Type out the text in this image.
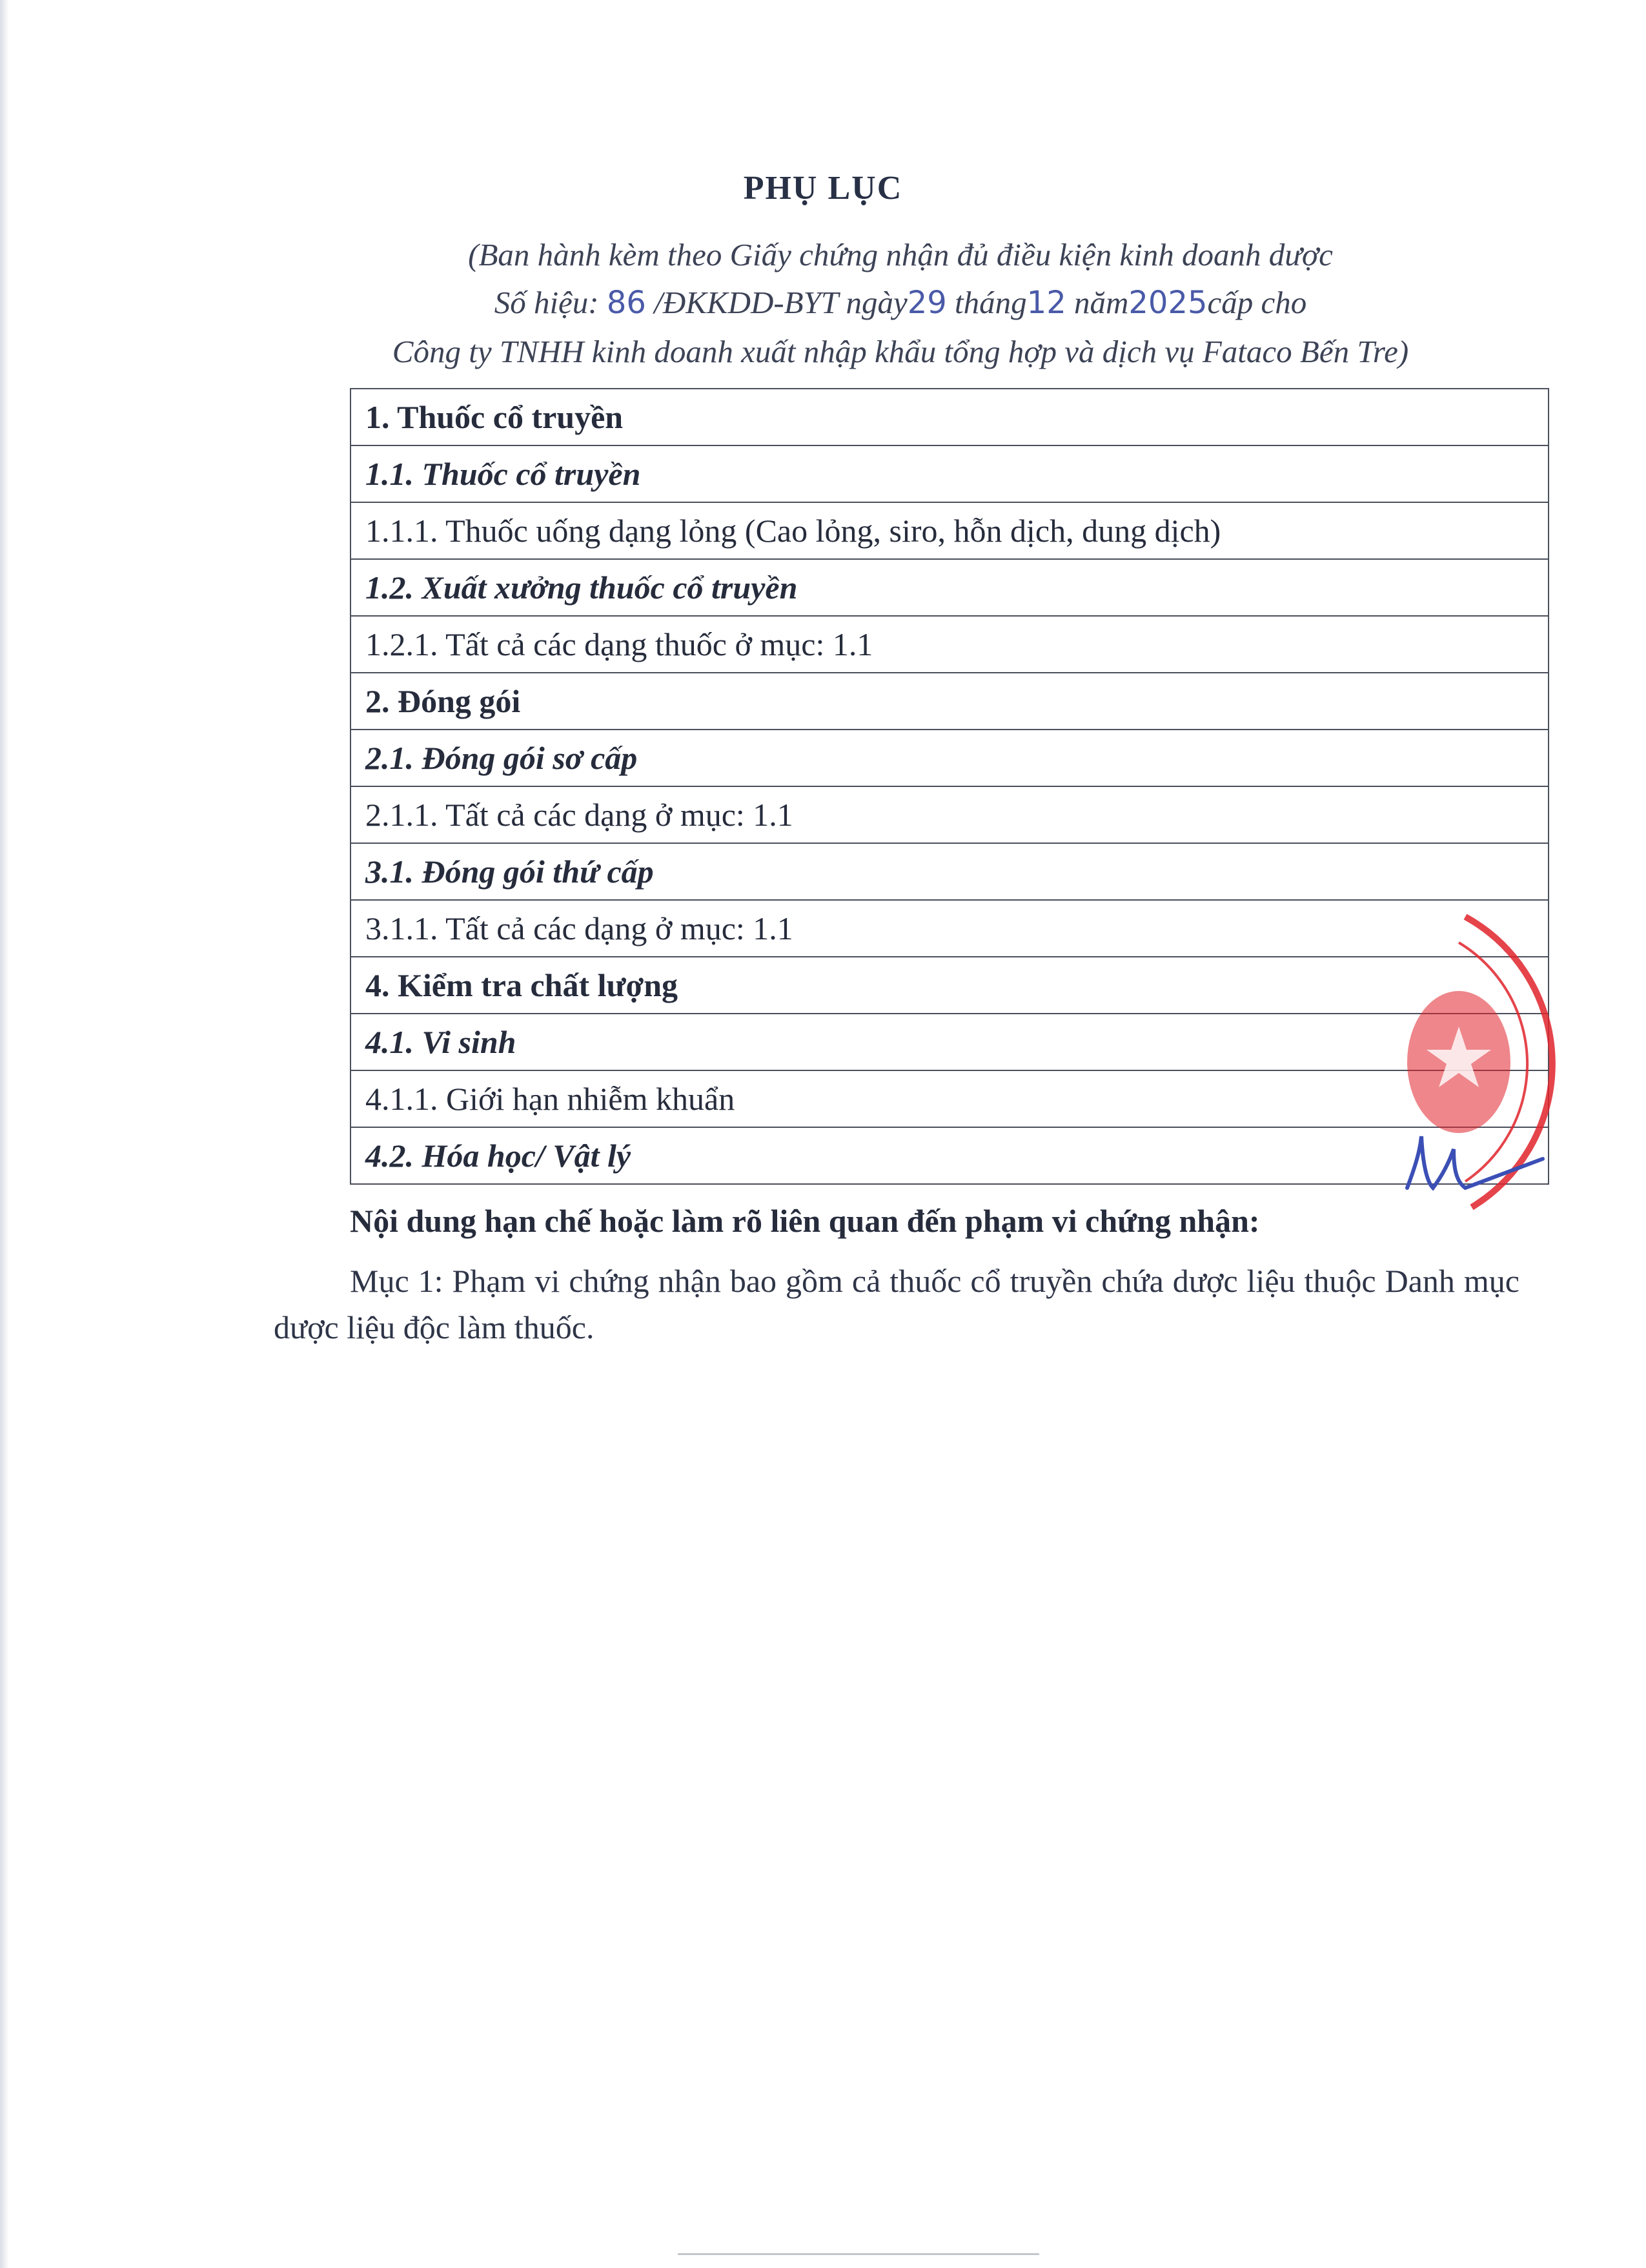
PHỤ LỤC
(Ban hành kèm theo Giấy chứng nhận đủ điều kiện kinh doanh dược
Số hiệu: 86 /ĐKKDD-BYT ngày29 tháng12 năm2025cấp cho
Công ty TNHH kinh doanh xuất nhập khẩu tổng hợp và dịch vụ Fataco Bến Tre)
1. Thuốc cổ truyền
1.1. Thuốc cổ truyền
1.1.1. Thuốc uống dạng lỏng (Cao lỏng, siro, hỗn dịch, dung dịch)
1.2. Xuất xưởng thuốc cổ truyền
1.2.1. Tất cả các dạng thuốc ở mục: 1.1
2. Đóng gói
2.1. Đóng gói sơ cấp
2.1.1. Tất cả các dạng ở mục: 1.1
3.1. Đóng gói thứ cấp
3.1.1. Tất cả các dạng ở mục: 1.1
4. Kiểm tra chất lượng
4.1. Vi sinh
4.1.1. Giới hạn nhiễm khuẩn
4.2. Hóa học/ Vật lý
Nội dung hạn chế hoặc làm rõ liên quan đến phạm vi chứng nhận:
Mục 1: Phạm vi chứng nhận bao gồm cả thuốc cổ truyền chứa dược liệu thuộc Danh mục dược liệu độc làm thuốc.
